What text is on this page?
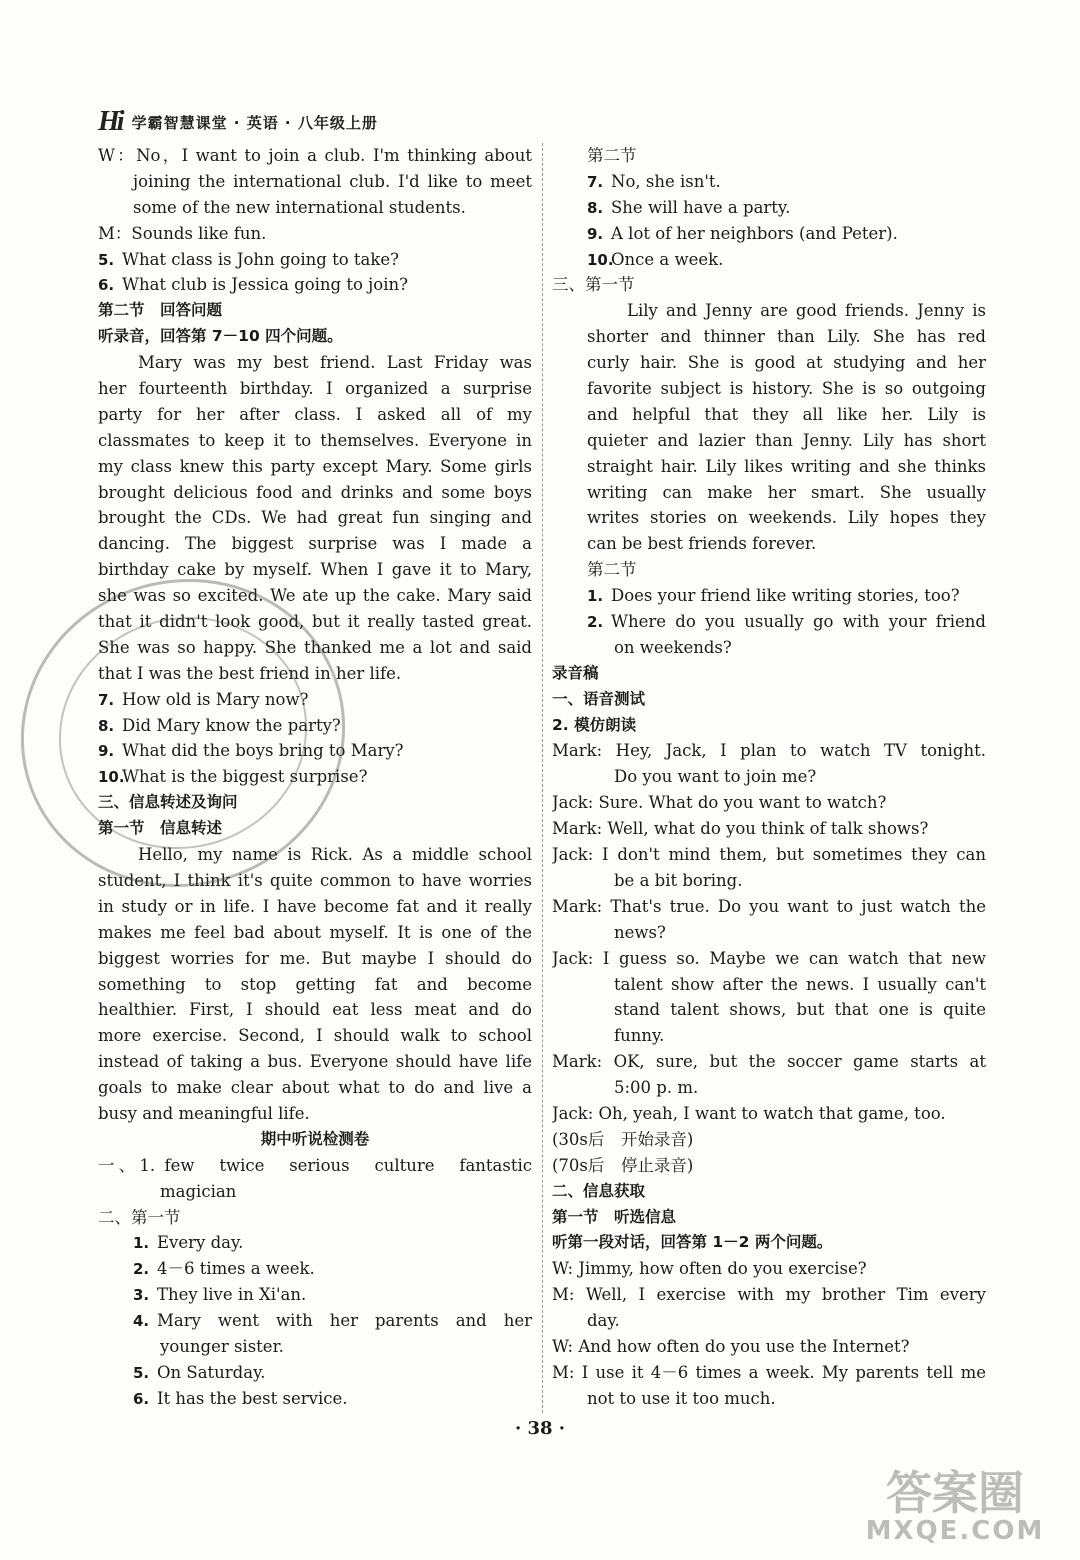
Hi 学霸智慧课堂 · 英语 · 八年级上册
W：No，I want to join a club. I'm thinking about
joining the international club. I'd like to meet
some of the new international students.
M：Sounds like fun.
5. What class is John going to take?
6. What club is Jessica going to join?
第二节　回答问题
听录音，回答第 7－10 四个问题。
Mary was my best friend. Last Friday was
her fourteenth birthday. I organized a surprise
party for her after class. I asked all of my
classmates to keep it to themselves. Everyone in
my class knew this party except Mary. Some girls
brought delicious food and drinks and some boys
brought the CDs. We had great fun singing and
dancing. The biggest surprise was I made a
birthday cake by myself. When I gave it to Mary,
she was so excited. We ate up the cake. Mary said
that it didn't look good, but it really tasted great.
She was so happy. She thanked me a lot and said
that I was the best friend in her life.
7. How old is Mary now?
8. Did Mary know the party?
9. What did the boys bring to Mary?
10.What is the biggest surprise?
三、信息转述及询问
第一节　信息转述
Hello, my name is Rick. As a middle school
student, I think it's quite common to have worries
in study or in life. I have become fat and it really
makes me feel bad about myself. It is one of the
biggest worries for me. But maybe I should do
something to stop getting fat and become
healthier. First, I should eat less meat and do
more exercise. Second, I should walk to school
instead of taking a bus. Everyone should have life
goals to make clear about what to do and live a
busy and meaningful life.
期中听说检测卷
一、1. few　twice　serious　culture　fantastic
magician
二、第一节
1. Every day.
2. 4－6 times a week.
3. They live in Xi'an.
4. Mary went with her parents and her
younger sister.
5. On Saturday.
6. It has the best service.
第二节
7. No, she isn't.
8. She will have a party.
9. A lot of her neighbors (and Peter).
10.Once a week.
三、第一节
Lily and Jenny are good friends. Jenny is
shorter and thinner than Lily. She has red
curly hair. She is good at studying and her
favorite subject is history. She is so outgoing
and helpful that they all like her. Lily is
quieter and lazier than Jenny. Lily has short
straight hair. Lily likes writing and she thinks
writing can make her smart. She usually
writes stories on weekends. Lily hopes they
can be best friends forever.
第二节
1. Does your friend like writing stories, too?
2. Where do you usually go with your friend
on weekends?
录音稿
一、语音测试
2. 模仿朗读
Mark: Hey, Jack, I plan to watch TV tonight.
Do you want to join me?
Jack: Sure. What do you want to watch?
Mark: Well, what do you think of talk shows?
Jack: I don't mind them, but sometimes they can
be a bit boring.
Mark: That's true. Do you want to just watch the
news?
Jack: I guess so. Maybe we can watch that new
talent show after the news. I usually can't
stand talent shows, but that one is quite
funny.
Mark: OK, sure, but the soccer game starts at
5:00 p. m.
Jack: Oh, yeah, I want to watch that game, too.
(30s后　开始录音)
(70s后　停止录音)
二、信息获取
第一节　听选信息
听第一段对话，回答第 1－2 两个问题。
W: Jimmy, how often do you exercise?
M: Well, I exercise with my brother Tim every
day.
W: And how often do you use the Internet?
M: I use it 4－6 times a week. My parents tell me
not to use it too much.
· 38 ·
答案圈
MXQE.COM
